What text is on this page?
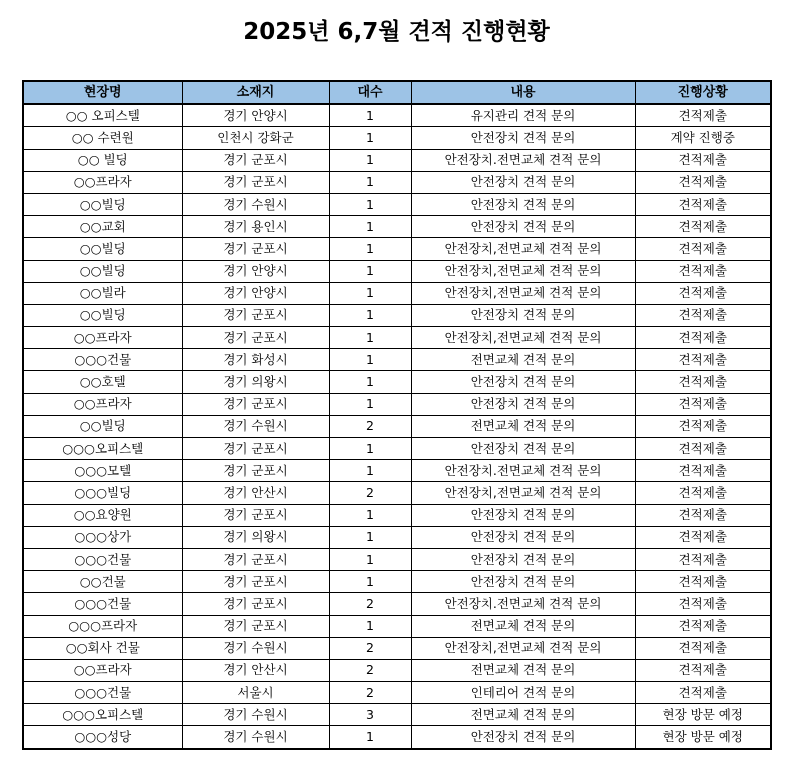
2025년 6,7월 견적 진행현황
현장명	소재지	대수	내용	진행상황
○○ 오피스텔	경기 안양시	1	유지관리 견적 문의	견적제출
○○ 수련원	인천시 강화군	1	안전장치 견적 문의	계약 진행중
○○ 빌딩	경기 군포시	1	안전장치.전면교체 견적 문의	견적제출
○○프라자	경기 군포시	1	안전장치 견적 문의	견적제출
○○빌딩	경기 수원시	1	안전장치 견적 문의	견적제출
○○교회	경기 용인시	1	안전장치 견적 문의	견적제출
○○빌딩	경기 군포시	1	안전장치,전면교체 견적 문의	견적제출
○○빌딩	경기 안양시	1	안전장치,전면교체 견적 문의	견적제출
○○빌라	경기 안양시	1	안전장치,전면교체 견적 문의	견적제출
○○빌딩	경기 군포시	1	안전장치 견적 문의	견적제출
○○프라자	경기 군포시	1	안전장치,전면교체 견적 문의	견적제출
○○○건물	경기 화성시	1	전면교체 견적 문의	견적제출
○○호텔	경기 의왕시	1	안전장치 견적 문의	견적제출
○○프라자	경기 군포시	1	안전장치 견적 문의	견적제출
○○빌딩	경기 수원시	2	전면교체 견적 문의	견적제출
○○○오피스텔	경기 군포시	1	안전장치 견적 문의	견적제출
○○○모텔	경기 군포시	1	안전장치.전면교체 견적 문의	견적제출
○○○빌딩	경기 안산시	2	안전장치,전면교체 견적 문의	견적제출
○○요양원	경기 군포시	1	안전장치 견적 문의	견적제출
○○○상가	경기 의왕시	1	안전장치 견적 문의	견적제출
○○○건물	경기 군포시	1	안전장치 견적 문의	견적제출
○○건물	경기 군포시	1	안전장치 견적 문의	견적제출
○○○건물	경기 군포시	2	안전장치.전면교체 견적 문의	견적제출
○○○프라자	경기 군포시	1	전면교체 견적 문의	견적제출
○○회사 건물	경기 수원시	2	안전장치,전면교체 견적 문의	견적제출
○○프라자	경기 안산시	2	전면교체 견적 문의	견적제출
○○○건물	서울시	2	인테리어 견적 문의	견적제출
○○○오피스텔	경기 수원시	3	전면교체 견적 문의	현장 방문 예정
○○○성당	경기 수원시	1	안전장치 견적 문의	현장 방문 예정
